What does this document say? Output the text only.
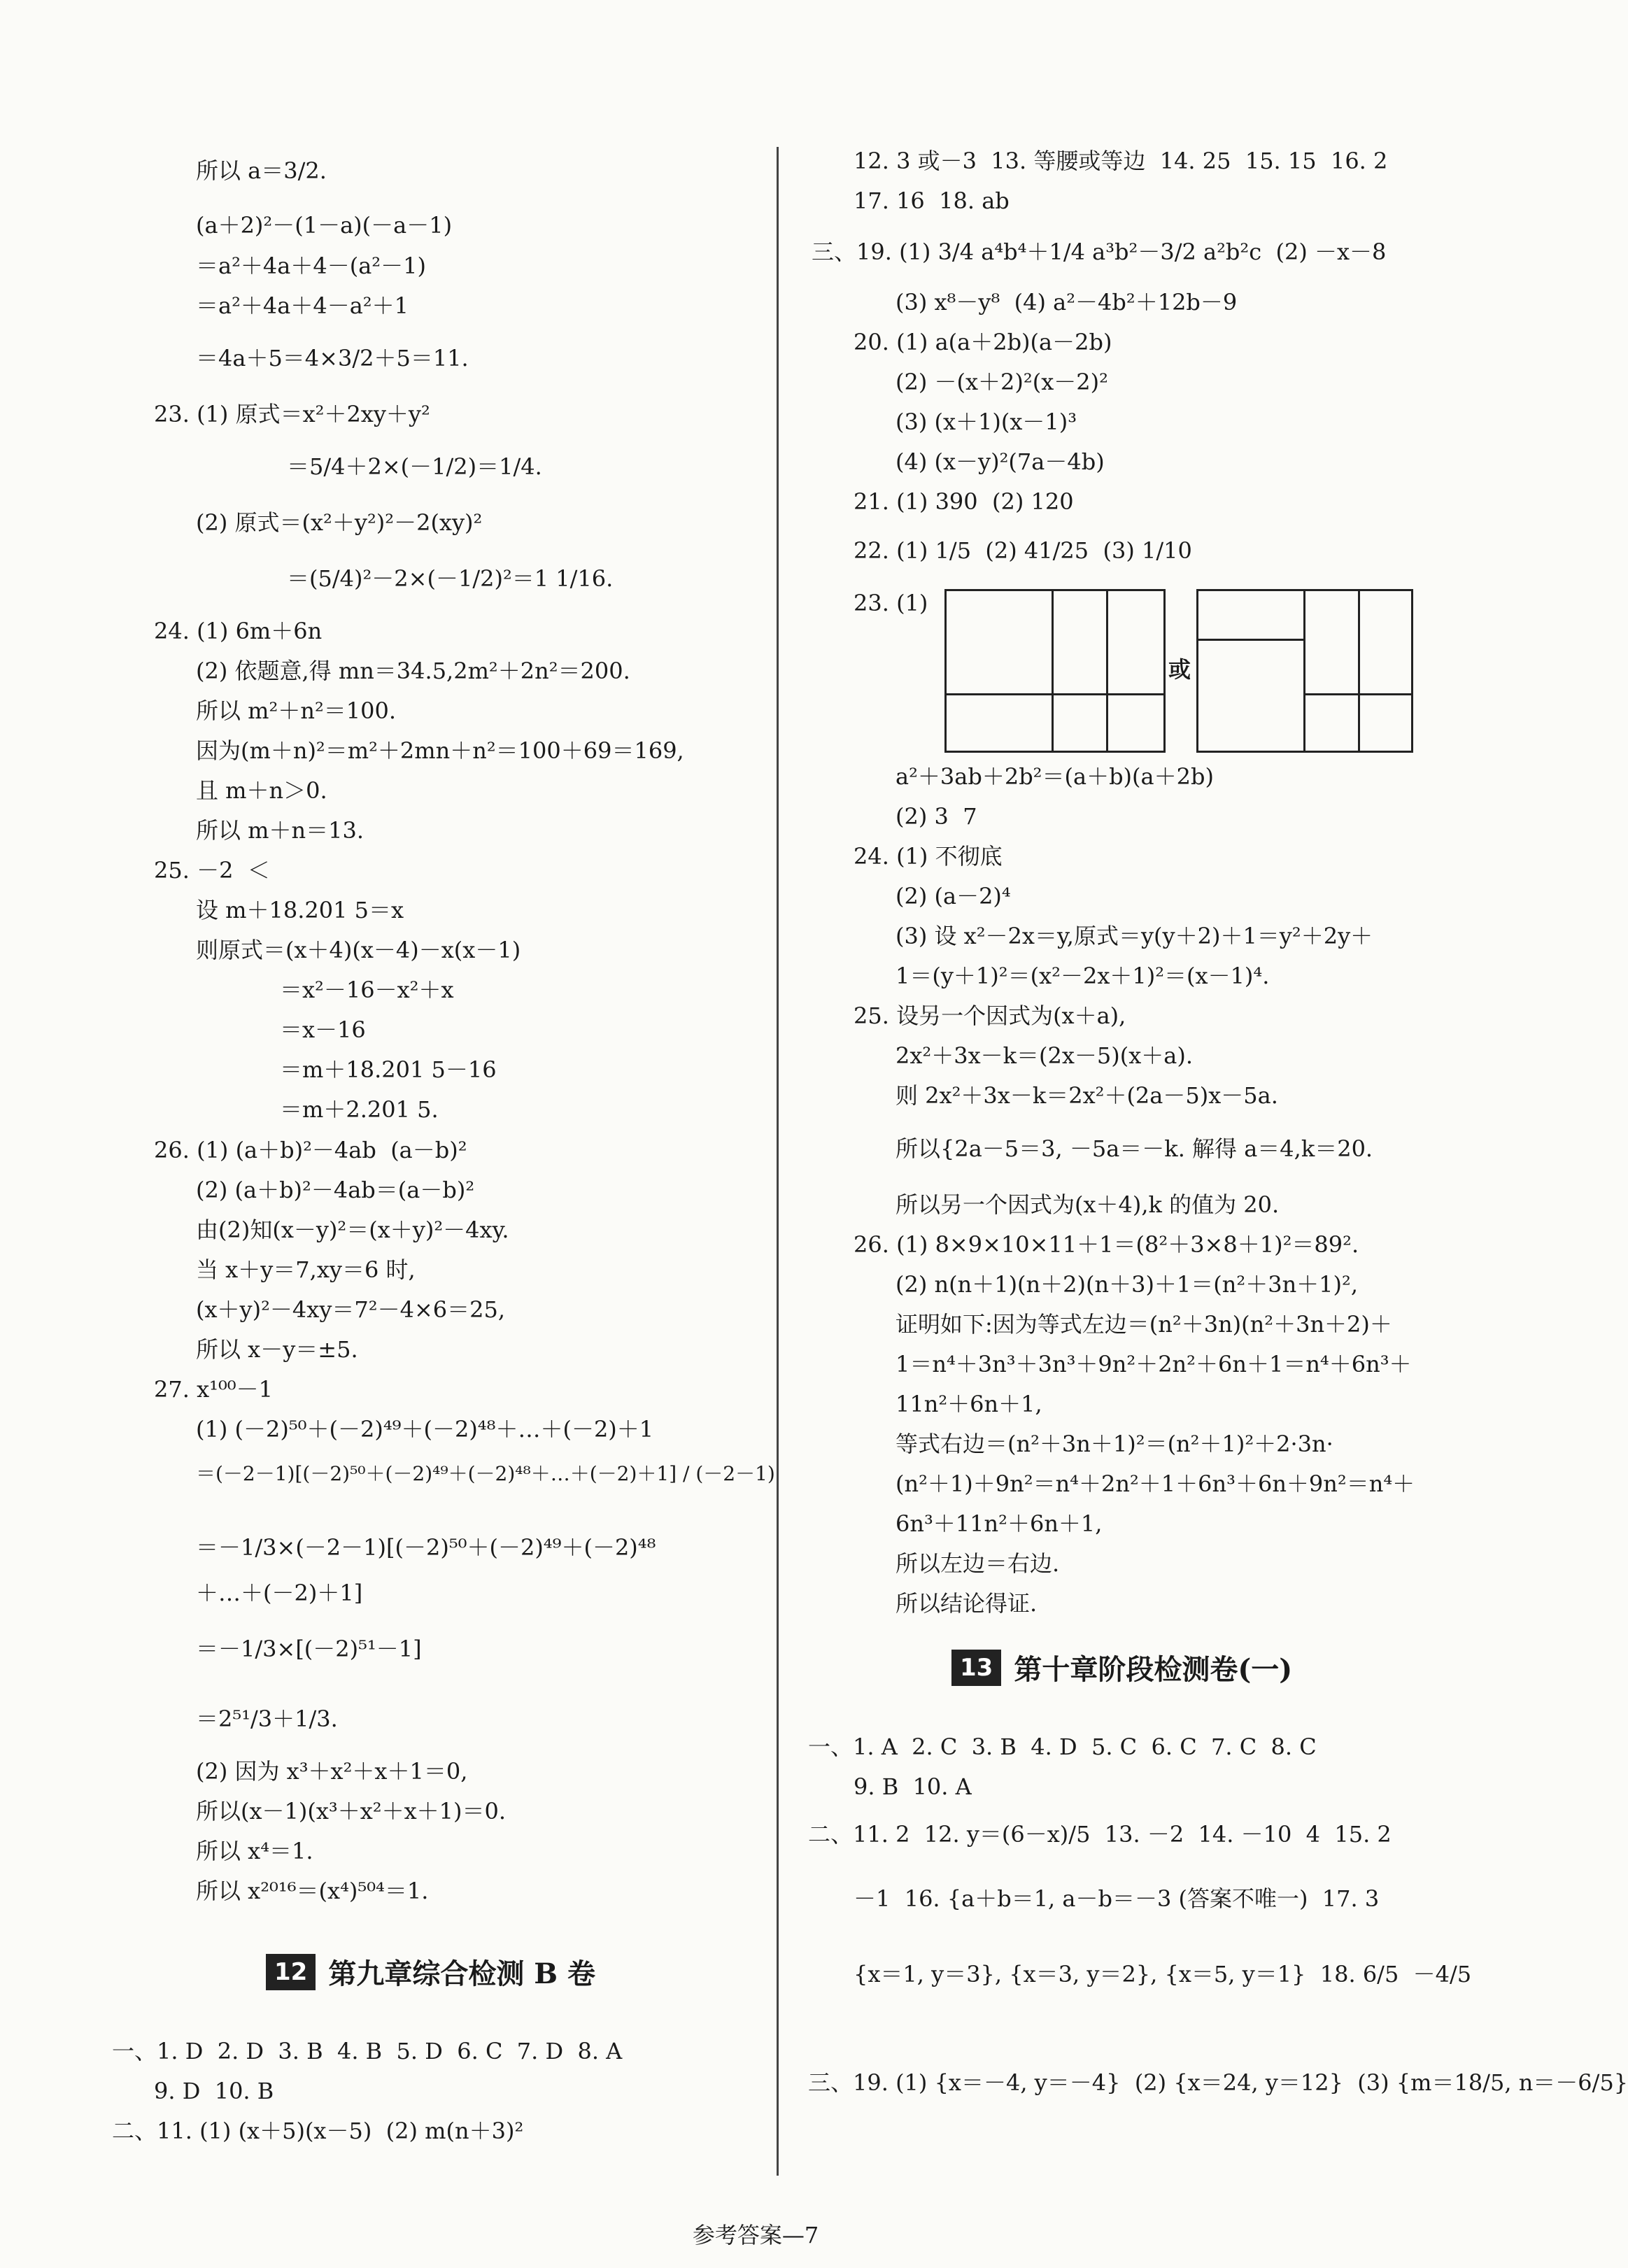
所以 a＝3/2.
(a＋2)²－(1－a)(－a－1)
＝a²＋4a＋4－(a²－1)
＝a²＋4a＋4－a²＋1
＝4a＋5＝4×3/2＋5＝11.
23. (1) 原式＝x²＋2xy＋y²
＝5/4＋2×(－1/2)＝1/4.
(2) 原式＝(x²＋y²)²－2(xy)²
＝(5/4)²－2×(－1/2)²＝1 1/16.
24. (1) 6m＋6n
(2) 依题意,得 mn＝34.5,2m²＋2n²＝200.
所以 m²＋n²＝100.
因为(m＋n)²＝m²＋2mn＋n²＝100＋69＝169,
且 m＋n＞0.
所以 m＋n＝13.
25. －2  ＜
设 m＋18.201 5＝x
则原式＝(x＋4)(x－4)－x(x－1)
＝x²－16－x²＋x
＝x－16
＝m＋18.201 5－16
＝m＋2.201 5.
26. (1) (a＋b)²－4ab  (a－b)²
(2) (a＋b)²－4ab＝(a－b)²
由(2)知(x－y)²＝(x＋y)²－4xy.
当 x＋y＝7,xy＝6 时,
(x＋y)²－4xy＝7²－4×6＝25,
所以 x－y＝±5.
27. x¹⁰⁰－1
(1) (－2)⁵⁰＋(－2)⁴⁹＋(－2)⁴⁸＋…＋(－2)＋1
＝(－2－1)[(－2)⁵⁰＋(－2)⁴⁹＋(－2)⁴⁸＋…＋(－2)＋1] / (－2－1)
＝－1/3×(－2－1)[(－2)⁵⁰＋(－2)⁴⁹＋(－2)⁴⁸
＋…＋(－2)＋1]
＝－1/3×[(－2)⁵¹－1]
＝2⁵¹/3＋1/3.
(2) 因为 x³＋x²＋x＋1＝0,
所以(x－1)(x³＋x²＋x＋1)＝0.
所以 x⁴＝1.
所以 x²⁰¹⁶＝(x⁴)⁵⁰⁴＝1.
12 第九章综合检测 B 卷
一、1. D  2. D  3. B  4. B  5. D  6. C  7. D  8. A
9. D  10. B
二、11. (1) (x＋5)(x－5)  (2) m(n＋3)²
12. 3 或－3  13. 等腰或等边  14. 25  15. 15  16. 2
17. 16  18. ab
三、19. (1) 3/4 a⁴b⁴＋1/4 a³b²－3/2 a²b²c  (2) －x－8
(3) x⁸－y⁸  (4) a²－4b²＋12b－9
20. (1) a(a＋2b)(a－2b)
(2) －(x＋2)²(x－2)²
(3) (x＋1)(x－1)³
(4) (x－y)²(7a－4b)
21. (1) 390  (2) 120
22. (1) 1/5  (2) 41/25  (3) 1/10
23. (1)
或
a²＋3ab＋2b²＝(a＋b)(a＋2b)
(2) 3  7
24. (1) 不彻底
(2) (a－2)⁴
(3) 设 x²－2x＝y,原式＝y(y＋2)＋1＝y²＋2y＋
1＝(y＋1)²＝(x²－2x＋1)²＝(x－1)⁴.
25. 设另一个因式为(x＋a),
2x²＋3x－k＝(2x－5)(x＋a).
则 2x²＋3x－k＝2x²＋(2a－5)x－5a.
所以{2a－5＝3, －5a＝－k. 解得 a＝4,k＝20.
所以另一个因式为(x＋4),k 的值为 20.
26. (1) 8×9×10×11＋1＝(8²＋3×8＋1)²＝89².
(2) n(n＋1)(n＋2)(n＋3)＋1＝(n²＋3n＋1)²,
证明如下:因为等式左边＝(n²＋3n)(n²＋3n＋2)＋
1＝n⁴＋3n³＋3n³＋9n²＋2n²＋6n＋1＝n⁴＋6n³＋
11n²＋6n＋1,
等式右边＝(n²＋3n＋1)²＝(n²＋1)²＋2·3n·
(n²＋1)＋9n²＝n⁴＋2n²＋1＋6n³＋6n＋9n²＝n⁴＋
6n³＋11n²＋6n＋1,
所以左边＝右边.
所以结论得证.
13 第十章阶段检测卷(一)
一、1. A  2. C  3. B  4. D  5. C  6. C  7. C  8. C
9. B  10. A
二、11. 2  12. y＝(6－x)/5  13. －2  14. －10  4  15. 2
－1  16. {a＋b＝1, a－b＝－3 (答案不唯一)  17. 3
{x＝1, y＝3}, {x＝3, y＝2}, {x＝5, y＝1}  18. 6/5  －4/5
三、19. (1) {x＝－4, y＝－4}  (2) {x＝24, y＝12}  (3) {m＝18/5, n＝－6/5}
参考答案—7
